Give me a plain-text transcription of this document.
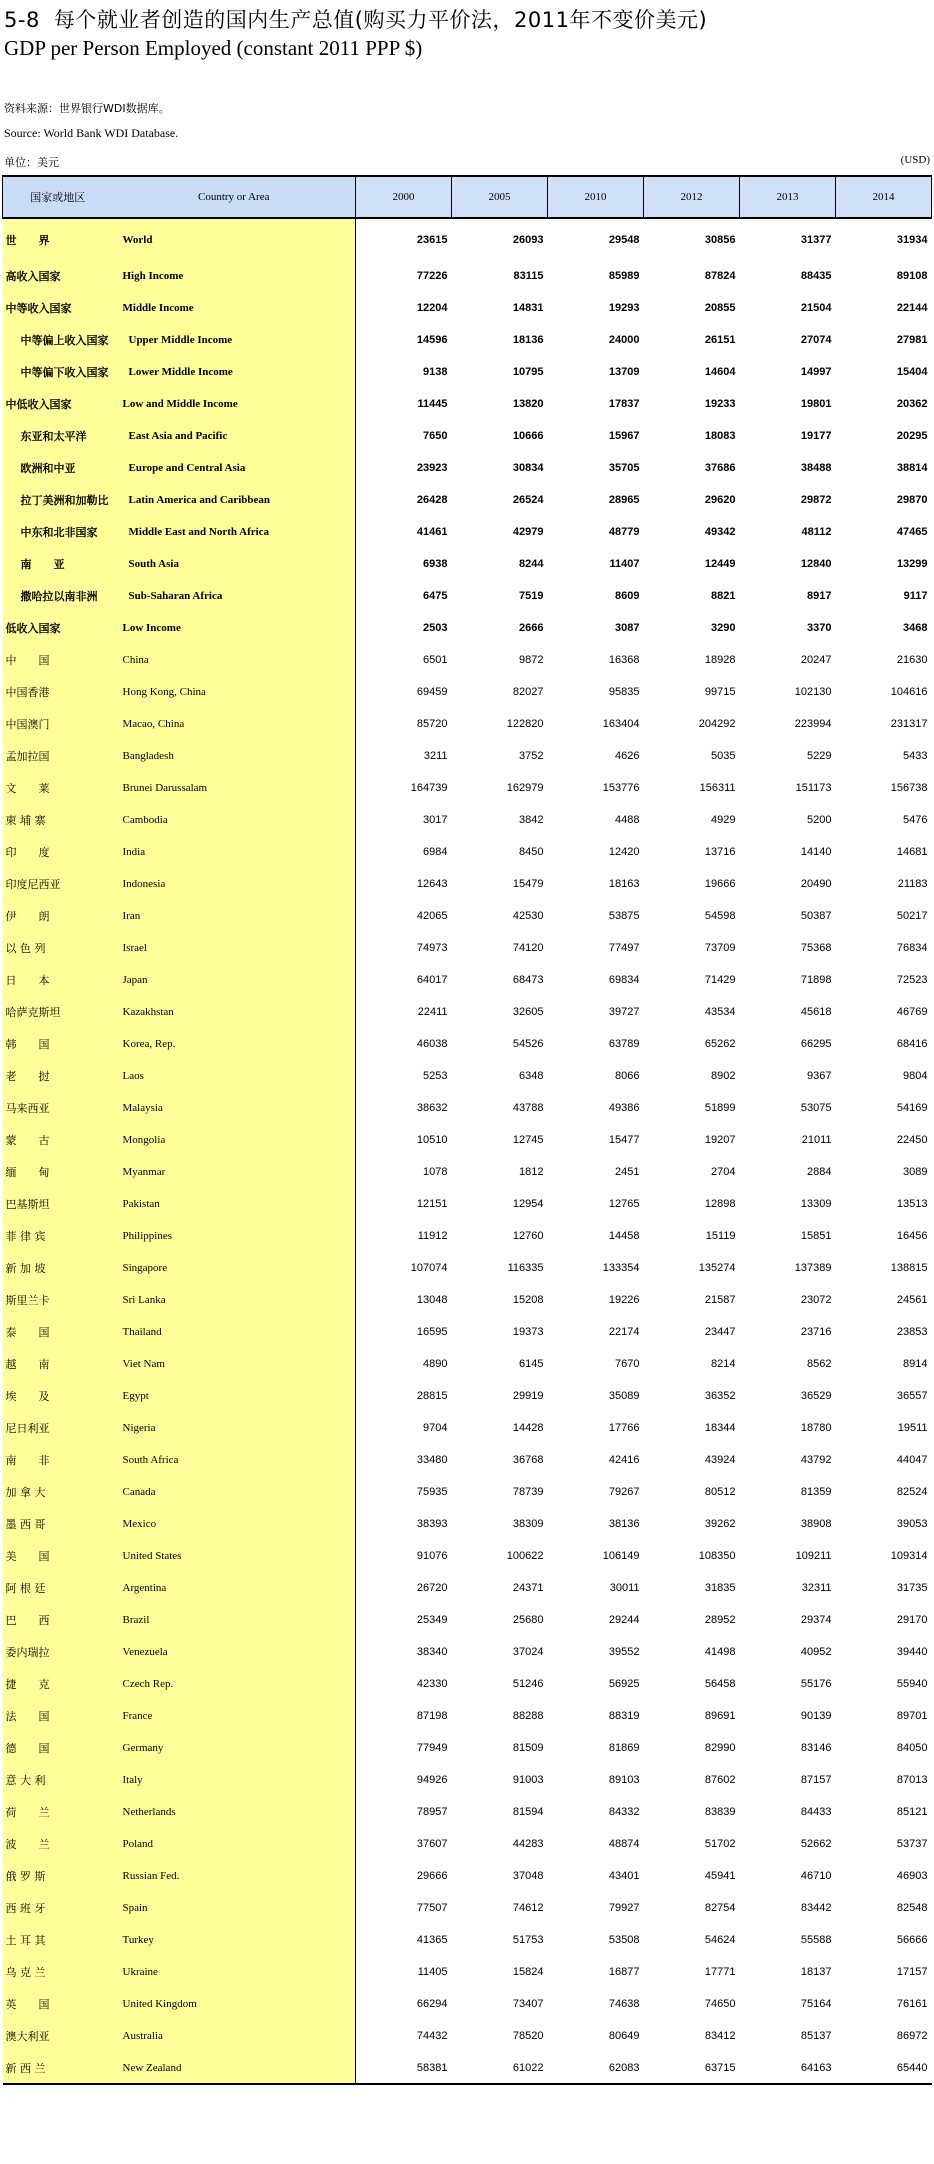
5-8 每个就业者创造的国内生产总值(购买力平价法，2011年不变价美元)
GDP per Person Employed (constant 2011 PPP $)
资料来源：世界银行WDI数据库。
Source: World Bank WDI Database.
单位：美元	(USD)
国家或地区	Country or Area	2000	2005	2010	2012	2013	2014
世　　界	World	23615	26093	29548	30856	31377	31934
高收入国家	High Income	77226	83115	85989	87824	88435	89108
中等收入国家	Middle Income	12204	14831	19293	20855	21504	22144
中等偏上收入国家	Upper Middle Income	14596	18136	24000	26151	27074	27981
中等偏下收入国家	Lower Middle Income	9138	10795	13709	14604	14997	15404
中低收入国家	Low and Middle Income	11445	13820	17837	19233	19801	20362
东亚和太平洋	East Asia and Pacific	7650	10666	15967	18083	19177	20295
欧洲和中亚	Europe and Central Asia	23923	30834	35705	37686	38488	38814
拉丁美洲和加勒比	Latin America and Caribbean	26428	26524	28965	29620	29872	29870
中东和北非国家	Middle East and North Africa	41461	42979	48779	49342	48112	47465
南　　亚	South Asia	6938	8244	11407	12449	12840	13299
撒哈拉以南非洲	Sub-Saharan Africa	6475	7519	8609	8821	8917	9117
低收入国家	Low Income	2503	2666	3087	3290	3370	3468
中　　国	China	6501	9872	16368	18928	20247	21630
中国香港	Hong Kong, China	69459	82027	95835	99715	102130	104616
中国澳门	Macao, China	85720	122820	163404	204292	223994	231317
孟加拉国	Bangladesh	3211	3752	4626	5035	5229	5433
文　　莱	Brunei Darussalam	164739	162979	153776	156311	151173	156738
柬 埔 寨	Cambodia	3017	3842	4488	4929	5200	5476
印　　度	India	6984	8450	12420	13716	14140	14681
印度尼西亚	Indonesia	12643	15479	18163	19666	20490	21183
伊　　朗	Iran	42065	42530	53875	54598	50387	50217
以 色 列	Israel	74973	74120	77497	73709	75368	76834
日　　本	Japan	64017	68473	69834	71429	71898	72523
哈萨克斯坦	Kazakhstan	22411	32605	39727	43534	45618	46769
韩　　国	Korea, Rep.	46038	54526	63789	65262	66295	68416
老　　挝	Laos	5253	6348	8066	8902	9367	9804
马来西亚	Malaysia	38632	43788	49386	51899	53075	54169
蒙　　古	Mongolia	10510	12745	15477	19207	21011	22450
缅　　甸	Myanmar	1078	1812	2451	2704	2884	3089
巴基斯坦	Pakistan	12151	12954	12765	12898	13309	13513
菲 律 宾	Philippines	11912	12760	14458	15119	15851	16456
新 加 坡	Singapore	107074	116335	133354	135274	137389	138815
斯里兰卡	Sri Lanka	13048	15208	19226	21587	23072	24561
泰　　国	Thailand	16595	19373	22174	23447	23716	23853
越　　南	Viet Nam	4890	6145	7670	8214	8562	8914
埃　　及	Egypt	28815	29919	35089	36352	36529	36557
尼日利亚	Nigeria	9704	14428	17766	18344	18780	19511
南　　非	South Africa	33480	36768	42416	43924	43792	44047
加 拿 大	Canada	75935	78739	79267	80512	81359	82524
墨 西 哥	Mexico	38393	38309	38136	39262	38908	39053
美　　国	United States	91076	100622	106149	108350	109211	109314
阿 根 廷	Argentina	26720	24371	30011	31835	32311	31735
巴　　西	Brazil	25349	25680	29244	28952	29374	29170
委内瑞拉	Venezuela	38340	37024	39552	41498	40952	39440
捷　　克	Czech Rep.	42330	51246	56925	56458	55176	55940
法　　国	France	87198	88288	88319	89691	90139	89701
德　　国	Germany	77949	81509	81869	82990	83146	84050
意 大 利	Italy	94926	91003	89103	87602	87157	87013
荷　　兰	Netherlands	78957	81594	84332	83839	84433	85121
波　　兰	Poland	37607	44283	48874	51702	52662	53737
俄 罗 斯	Russian Fed.	29666	37048	43401	45941	46710	46903
西 班 牙	Spain	77507	74612	79927	82754	83442	82548
土 耳 其	Turkey	41365	51753	53508	54624	55588	56666
乌 克 兰	Ukraine	11405	15824	16877	17771	18137	17157
英　　国	United Kingdom	66294	73407	74638	74650	75164	76161
澳大利亚	Australia	74432	78520	80649	83412	85137	86972
新 西 兰	New Zealand	58381	61022	62083	63715	64163	65440
